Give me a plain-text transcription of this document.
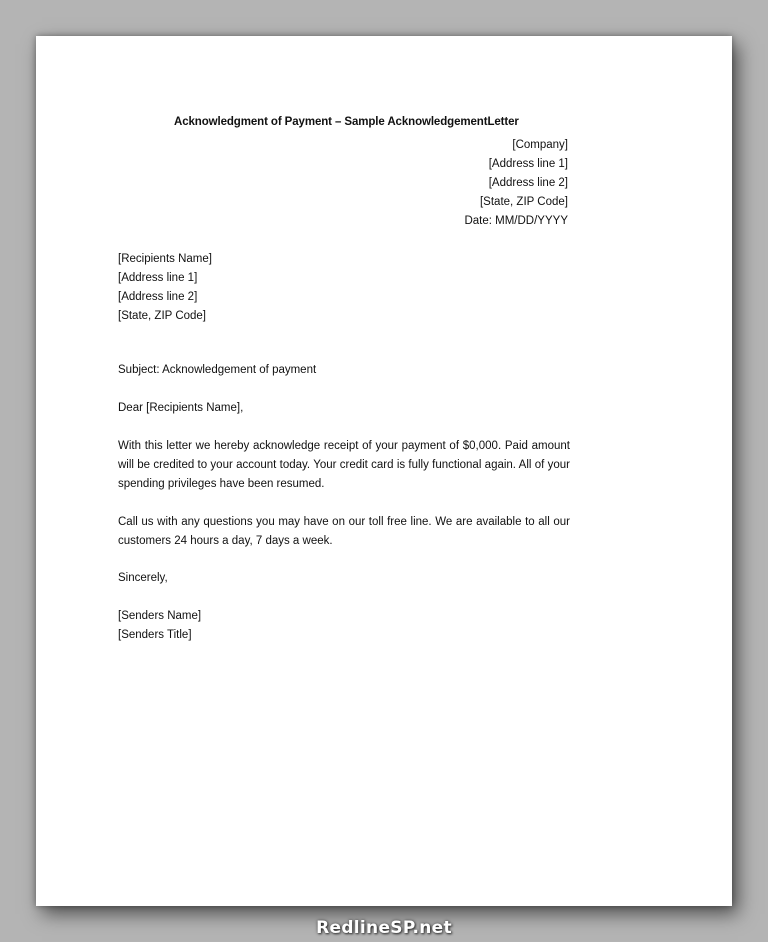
Acknowledgment of Payment – Sample AcknowledgementLetter
[Company]
[Address line 1]
[Address line 2]
[State, ZIP Code]
Date: MM/DD/YYYY
[Recipients Name]
[Address line 1]
[Address line 2]
[State, ZIP Code]
Subject: Acknowledgement of payment
Dear [Recipients Name],
With this letter we hereby acknowledge receipt of your payment of $0,000. Paid amount will be credited to your account today. Your credit card is fully functional again. All of your spending privileges have been resumed.
Call us with any questions you may have on our toll free line. We are available to all our customers 24 hours a day, 7 days a week.
Sincerely,
[Senders Name]
[Senders Title]
RedlineSP.net
